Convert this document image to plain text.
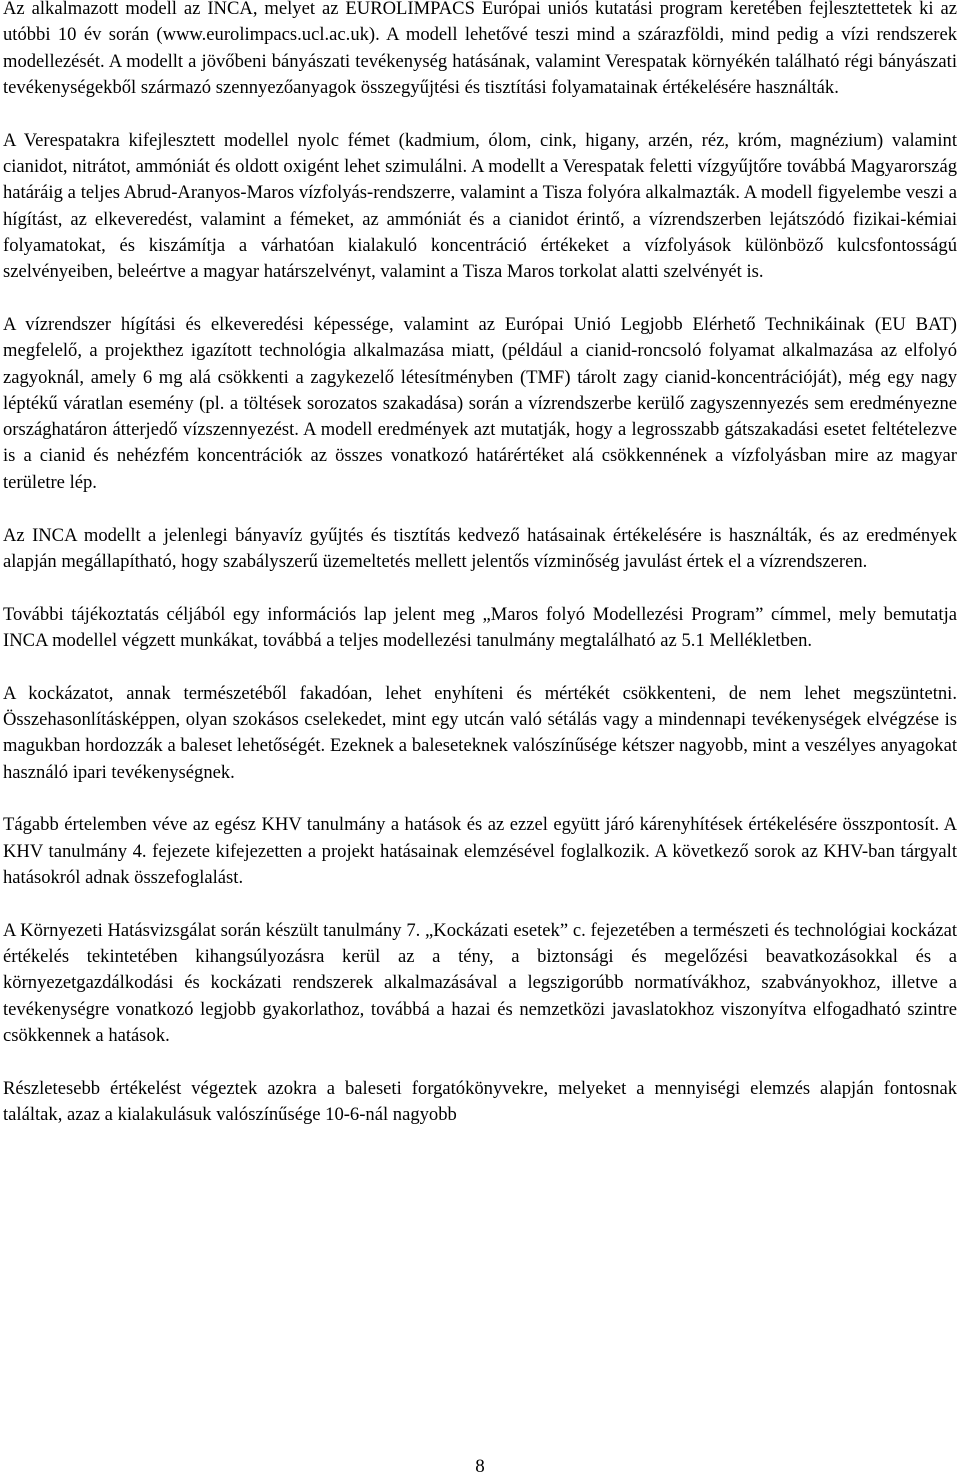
Az alkalmazott modell az INCA, melyet az EUROLIMPACS Európai uniós kutatási program keretében fejlesztettetek ki az utóbbi 10 év során (www.eurolimpacs.ucl.ac.uk). A modell lehetővé teszi mind a szárazföldi, mind pedig a vízi rendszerek modellezését. A modellt a jövőbeni bányászati tevékenység hatásának, valamint Verespatak környékén található régi bányászati tevékenységekből származó szennyezőanyagok összegyűjtési és tisztítási folyamatainak értékelésére használták.

A Verespatakra kifejlesztett modellel nyolc fémet (kadmium, ólom, cink, higany, arzén, réz, króm, magnézium) valamint cianidot, nitrátot, ammóniát és oldott oxigént lehet szimulálni. A modellt a Verespatak feletti vízgyűjtőre továbbá Magyarország határáig a teljes Abrud-Aranyos-Maros vízfolyás-rendszerre, valamint a Tisza folyóra alkalmazták. A modell figyelembe veszi a hígítást, az elkeveredést, valamint a fémeket, az ammóniát és a cianidot érintő, a vízrendszerben lejátszódó fizikai-kémiai folyamatokat, és kiszámítja a várhatóan kialakuló koncentráció értékeket a vízfolyások különböző kulcsfontosságú szelvényeiben, beleértve a magyar határszelvényt, valamint a Tisza Maros torkolat alatti szelvényét is.

A vízrendszer hígítási és elkeveredési képessége, valamint az Európai Unió Legjobb Elérhető Technikáinak (EU BAT) megfelelő, a projekthez igazított technológia alkalmazása miatt, (például a cianid-roncsoló folyamat alkalmazása az elfolyó zagyoknál, amely 6 mg alá csökkenti a zagykezelő létesítményben (TMF) tárolt zagy cianid-koncentrációját), még egy nagy léptékű váratlan esemény (pl. a töltések sorozatos szakadása) során a vízrendszerbe kerülő zagyszennyezés sem eredményezne országhatáron átterjedő vízszennyezést. A modell eredmények azt mutatják, hogy a legrosszabb gátszakadási esetet feltételezve is a cianid és nehézfém koncentrációk az összes vonatkozó határértéket alá csökkennének a vízfolyásban mire az magyar területre lép.

Az INCA modellt a jelenlegi bányavíz gyűjtés és tisztítás kedvező hatásainak értékelésére is használták, és az eredmények alapján megállapítható, hogy szabályszerű üzemeltetés mellett jelentős vízminőség javulást értek el a vízrendszeren.

További tájékoztatás céljából egy információs lap jelent meg „Maros folyó Modellezési Program” címmel, mely bemutatja INCA modellel végzett munkákat, továbbá a teljes modellezési tanulmány megtalálható az 5.1 Mellékletben.

A kockázatot, annak természetéből fakadóan, lehet enyhíteni és mértékét csökkenteni, de nem lehet megszüntetni. Összehasonlításképpen, olyan szokásos cselekedet, mint egy utcán való sétálás vagy a mindennapi tevékenységek elvégzése is magukban hordozzák a baleset lehetőségét. Ezeknek a baleseteknek valószínűsége kétszer nagyobb, mint a veszélyes anyagokat használó ipari tevékenységnek.

Tágabb értelemben véve az egész KHV tanulmány a hatások és az ezzel együtt járó kárenyhítések értékelésére összpontosít. A KHV tanulmány 4. fejezete kifejezetten a projekt hatásainak elemzésével foglalkozik. A következő sorok az KHV-ban tárgyalt hatásokról adnak összefoglalást.

A Környezeti Hatásvizsgálat során készült tanulmány 7. „Kockázati esetek” c. fejezetében a természeti és technológiai kockázat értékelés tekintetében kihangsúlyozásra kerül az a tény, a biztonsági és megelőzési beavatkozásokkal és a környezetgazdálkodási és kockázati rendszerek alkalmazásával a legszigorúbb normatívákhoz, szabványokhoz, illetve a tevékenységre vonatkozó legjobb gyakorlathoz, továbbá a hazai és nemzetközi javaslatokhoz viszonyítva elfogadható szintre csökkennek a hatások.

Részletesebb értékelést végeztek azokra a baleseti forgatókönyvekre, melyeket a mennyiségi elemzés alapján fontosnak találtak, azaz a kialakulásuk valószínűsége 10-6-nál nagyobb

8
